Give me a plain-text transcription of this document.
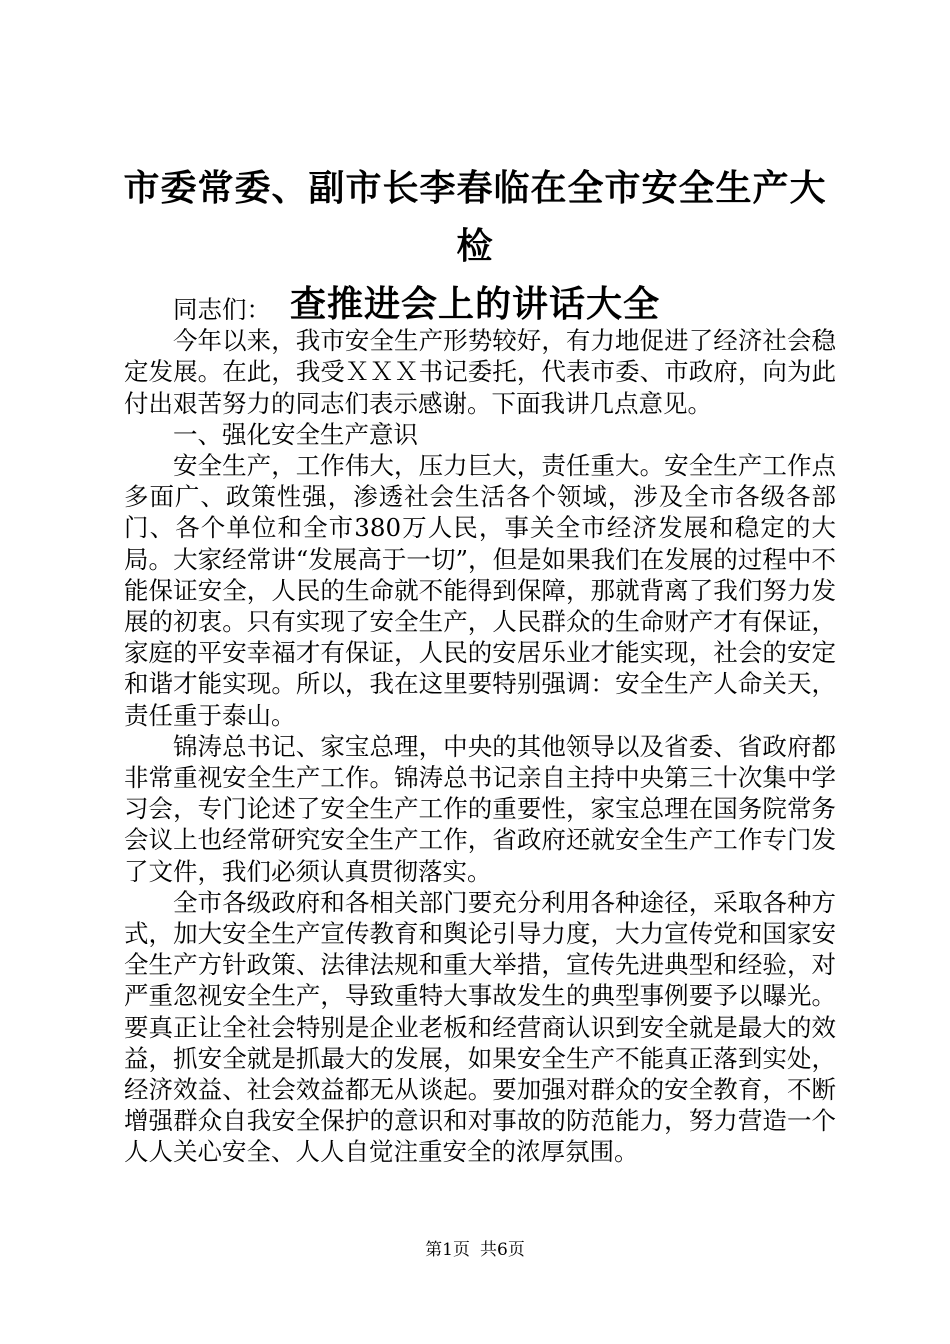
市委常委、副市长李春临在全市安全生产大检
查推进会上的讲话大全

同志们：

今年以来，我市安全生产形势较好，有力地促进了经济社会稳定发展。在此，我受ＸＸＸ书记委托，代表市委、市政府，向为此付出艰苦努力的同志们表示感谢。下面我讲几点意见。

一、强化安全生产意识

安全生产，工作伟大，压力巨大，责任重大。安全生产工作点多面广、政策性强，渗透社会生活各个领域，涉及全市各级各部门、各个单位和全市380万人民，事关全市经济发展和稳定的大局。大家经常讲“发展高于一切”，但是如果我们在发展的过程中不能保证安全，人民的生命就不能得到保障，那就背离了我们努力发展的初衷。只有实现了安全生产，人民群众的生命财产才有保证，家庭的平安幸福才有保证，人民的安居乐业才能实现，社会的安定和谐才能实现。所以，我在这里要特别强调：安全生产人命关天，责任重于泰山。

锦涛总书记、家宝总理，中央的其他领导以及省委、省政府都非常重视安全生产工作。锦涛总书记亲自主持中央第三十次集中学习会，专门论述了安全生产工作的重要性，家宝总理在国务院常务会议上也经常研究安全生产工作，省政府还就安全生产工作专门发了文件，我们必须认真贯彻落实。

全市各级政府和各相关部门要充分利用各种途径，采取各种方式，加大安全生产宣传教育和舆论引导力度，大力宣传党和国家安全生产方针政策、法律法规和重大举措，宣传先进典型和经验，对严重忽视安全生产，导致重特大事故发生的典型事例要予以曝光。要真正让全社会特别是企业老板和经营商认识到安全就是最大的效益，抓安全就是抓最大的发展，如果安全生产不能真正落到实处，经济效益、社会效益都无从谈起。要加强对群众的安全教育，不断增强群众自我安全保护的意识和对事故的防范能力，努力营造一个人人关心安全、人人自觉注重安全的浓厚氛围。

第1页 共6页
